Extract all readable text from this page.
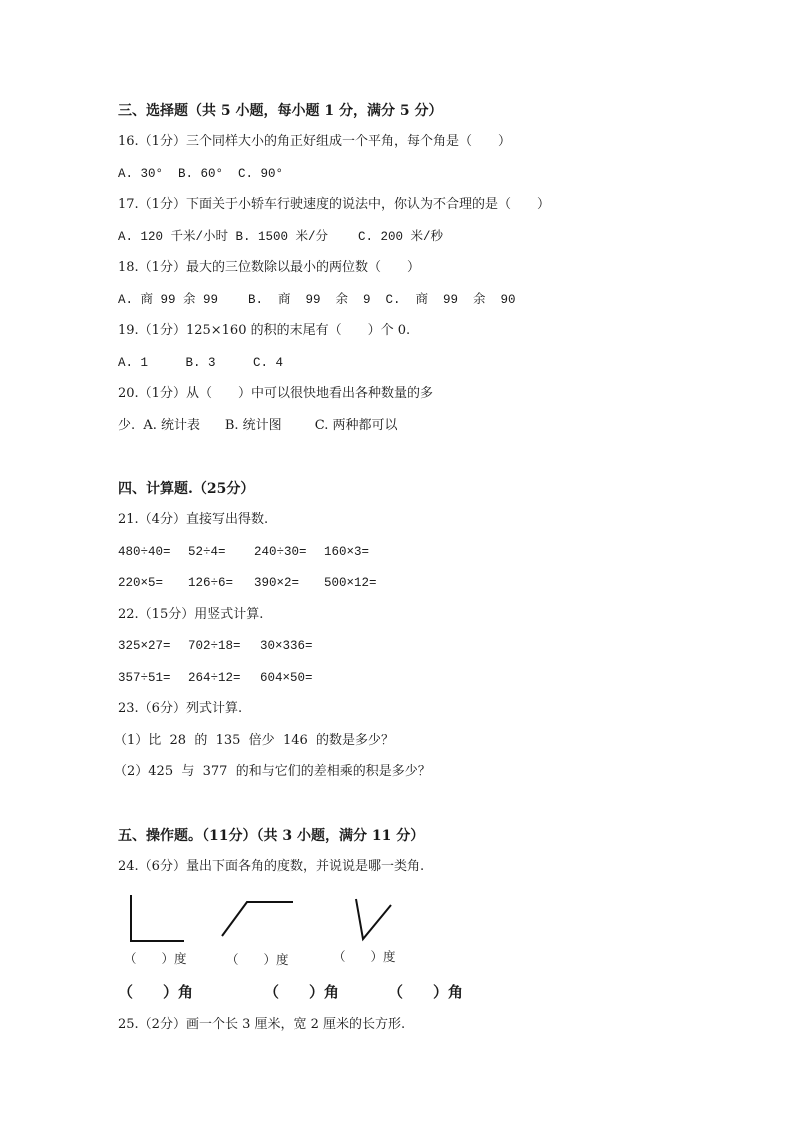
三、选择题（共 5 小题，每小题 1 分，满分 5 分）
16.（1分）三个同样大小的角正好组成一个平角，每个角是（　　）
A. 30°  B. 60°  C. 90°
17.（1分）下面关于小轿车行驶速度的说法中，你认为不合理的是（　　）
A. 120 千米/小时 B. 1500 米/分    C. 200 米/秒
18.（1分）最大的三位数除以最小的两位数（　　）
A. 商 99 余 99    B.  商  99  余  9  C.  商  99  余  90
19.（1分）125×160 的积的末尾有（　　）个 0.
A. 1     B. 3     C. 4
20.（1分）从（　　）中可以很快地看出各种数量的多
少.  A. 统计表      B. 统计图        C. 两种都可以
四、计算题.（25分）
21.（4分）直接写出得数.
480÷40= 52÷4= 240÷30= 160×3=
220×5= 126÷6= 390×2= 500×12=
22.（15分）用竖式计算.
325×27= 702÷18= 30×336=
357÷51= 264÷12= 604×50=
23.（6分）列式计算.
（1）比  28  的  135  倍少  146  的数是多少？
（2）425  与  377  的和与它们的差相乘的积是多少？
五、操作题。（11分）（共 3 小题，满分 11 分）
24.（6分）量出下面各角的度数，并说说是哪一类角.
（　　）度	（　　）度	（　　）度
（　　）角	（　　）角	（　　）角
25.（2分）画一个长 3 厘米，宽 2 厘米的长方形.
